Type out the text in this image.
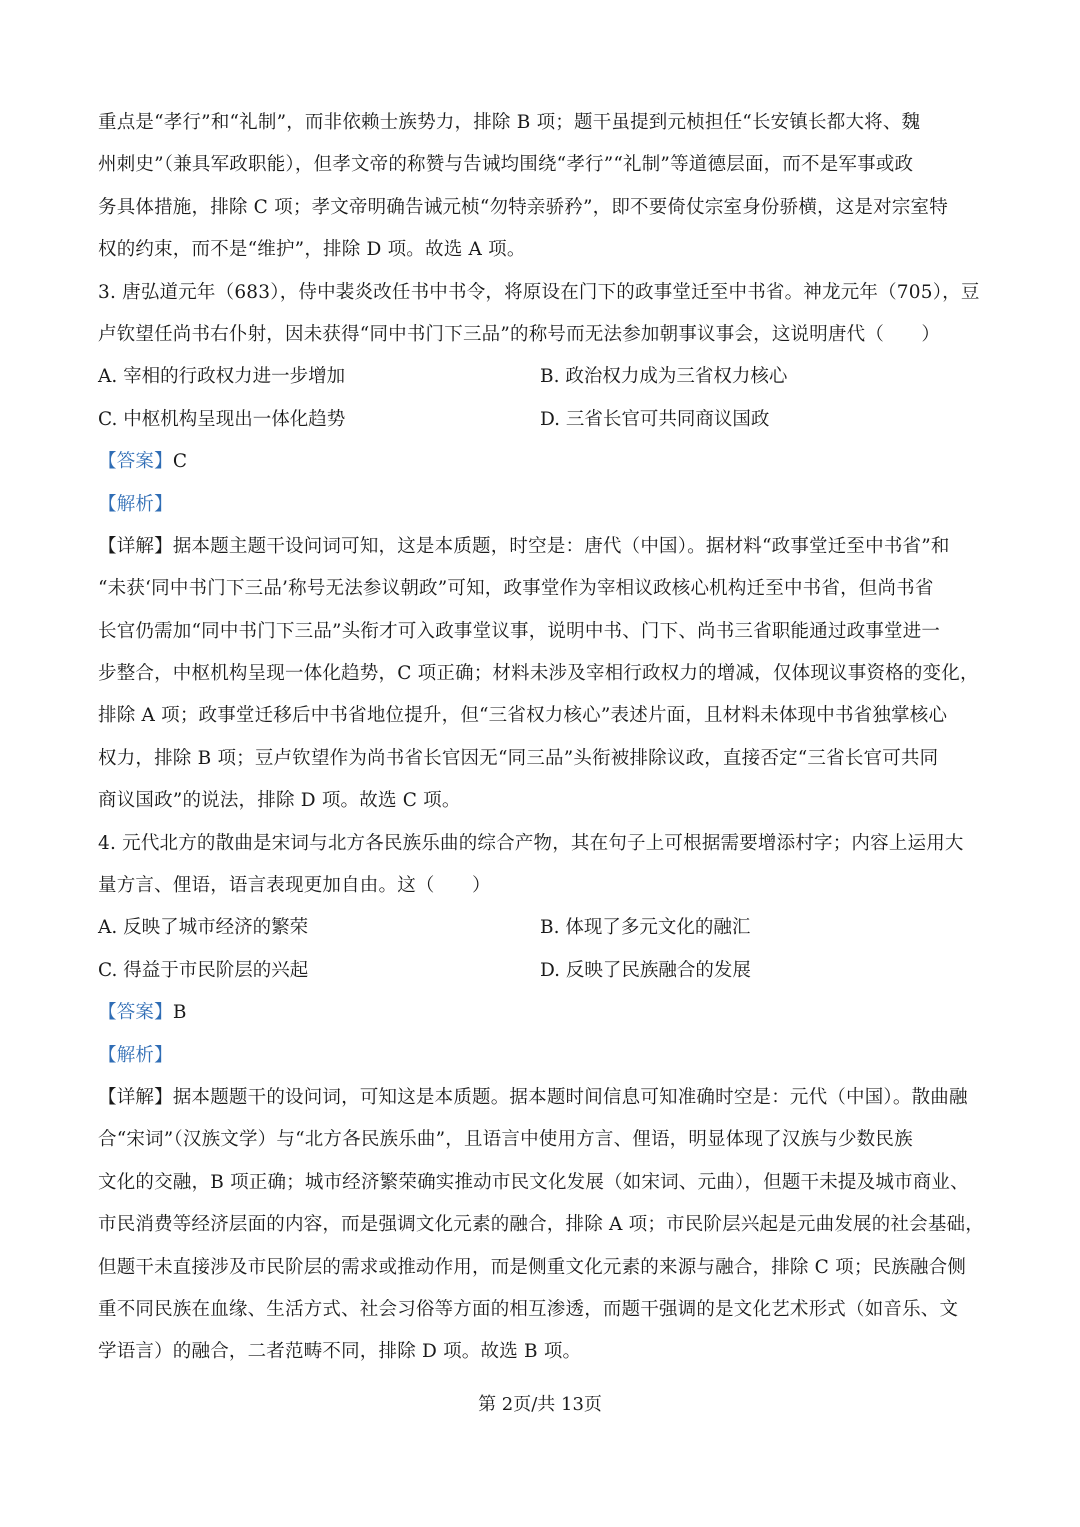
重点是“孝行”和“礼制”，而非依赖士族势力，排除 B 项；题干虽提到元桢担任“长安镇长都大将、魏
州刺史”（兼具军政职能），但孝文帝的称赞与告诫均围绕“孝行”“礼制”等道德层面，而不是军事或政
务具体措施，排除 C 项；孝文帝明确告诫元桢“勿特亲骄矜”，即不要倚仗宗室身份骄横，这是对宗室特
权的约束，而不是“维护”，排除 D 项。故选 A 项。
3. 唐弘道元年（683），侍中裴炎改任书中书令，将原设在门下的政事堂迁至中书省。神龙元年（705），豆
卢钦望任尚书右仆射，因未获得“同中书门下三品”的称号而无法参加朝事议事会，这说明唐代（　　）
A. 宰相的行政权力进一步增加	B. 政治权力成为三省权力核心
C. 中枢机构呈现出一体化趋势	D. 三省长官可共同商议国政
【答案】C
【解析】
【详解】据本题主题干设问词可知，这是本质题，时空是：唐代（中国）。据材料“政事堂迁至中书省”和
“未获‘同中书门下三品’称号无法参议朝政”可知，政事堂作为宰相议政核心机构迁至中书省，但尚书省
长官仍需加“同中书门下三品”头衔才可入政事堂议事，说明中书、门下、尚书三省职能通过政事堂进一
步整合，中枢机构呈现一体化趋势，C 项正确；材料未涉及宰相行政权力的增减，仅体现议事资格的变化，
排除 A 项；政事堂迁移后中书省地位提升，但“三省权力核心”表述片面，且材料未体现中书省独掌核心
权力，排除 B 项；豆卢钦望作为尚书省长官因无“同三品”头衔被排除议政，直接否定“三省长官可共同
商议国政”的说法，排除 D 项。故选 C 项。
4. 元代北方的散曲是宋词与北方各民族乐曲的综合产物，其在句子上可根据需要增添村字；内容上运用大
量方言、俚语，语言表现更加自由。这（　　）
A. 反映了城市经济的繁荣	B. 体现了多元文化的融汇
C. 得益于市民阶层的兴起	D. 反映了民族融合的发展
【答案】B
【解析】
【详解】据本题题干的设问词，可知这是本质题。据本题时间信息可知准确时空是：元代（中国）。散曲融
合“宋词”（汉族文学）与“北方各民族乐曲”，且语言中使用方言、俚语，明显体现了汉族与少数民族
文化的交融，B 项正确；城市经济繁荣确实推动市民文化发展（如宋词、元曲），但题干未提及城市商业、
市民消费等经济层面的内容，而是强调文化元素的融合，排除 A 项；市民阶层兴起是元曲发展的社会基础，
但题干未直接涉及市民阶层的需求或推动作用，而是侧重文化元素的来源与融合，排除 C 项；民族融合侧
重不同民族在血缘、生活方式、社会习俗等方面的相互渗透，而题干强调的是文化艺术形式（如音乐、文
学语言）的融合，二者范畴不同，排除 D 项。故选 B 项。
第 2页/共 13页
